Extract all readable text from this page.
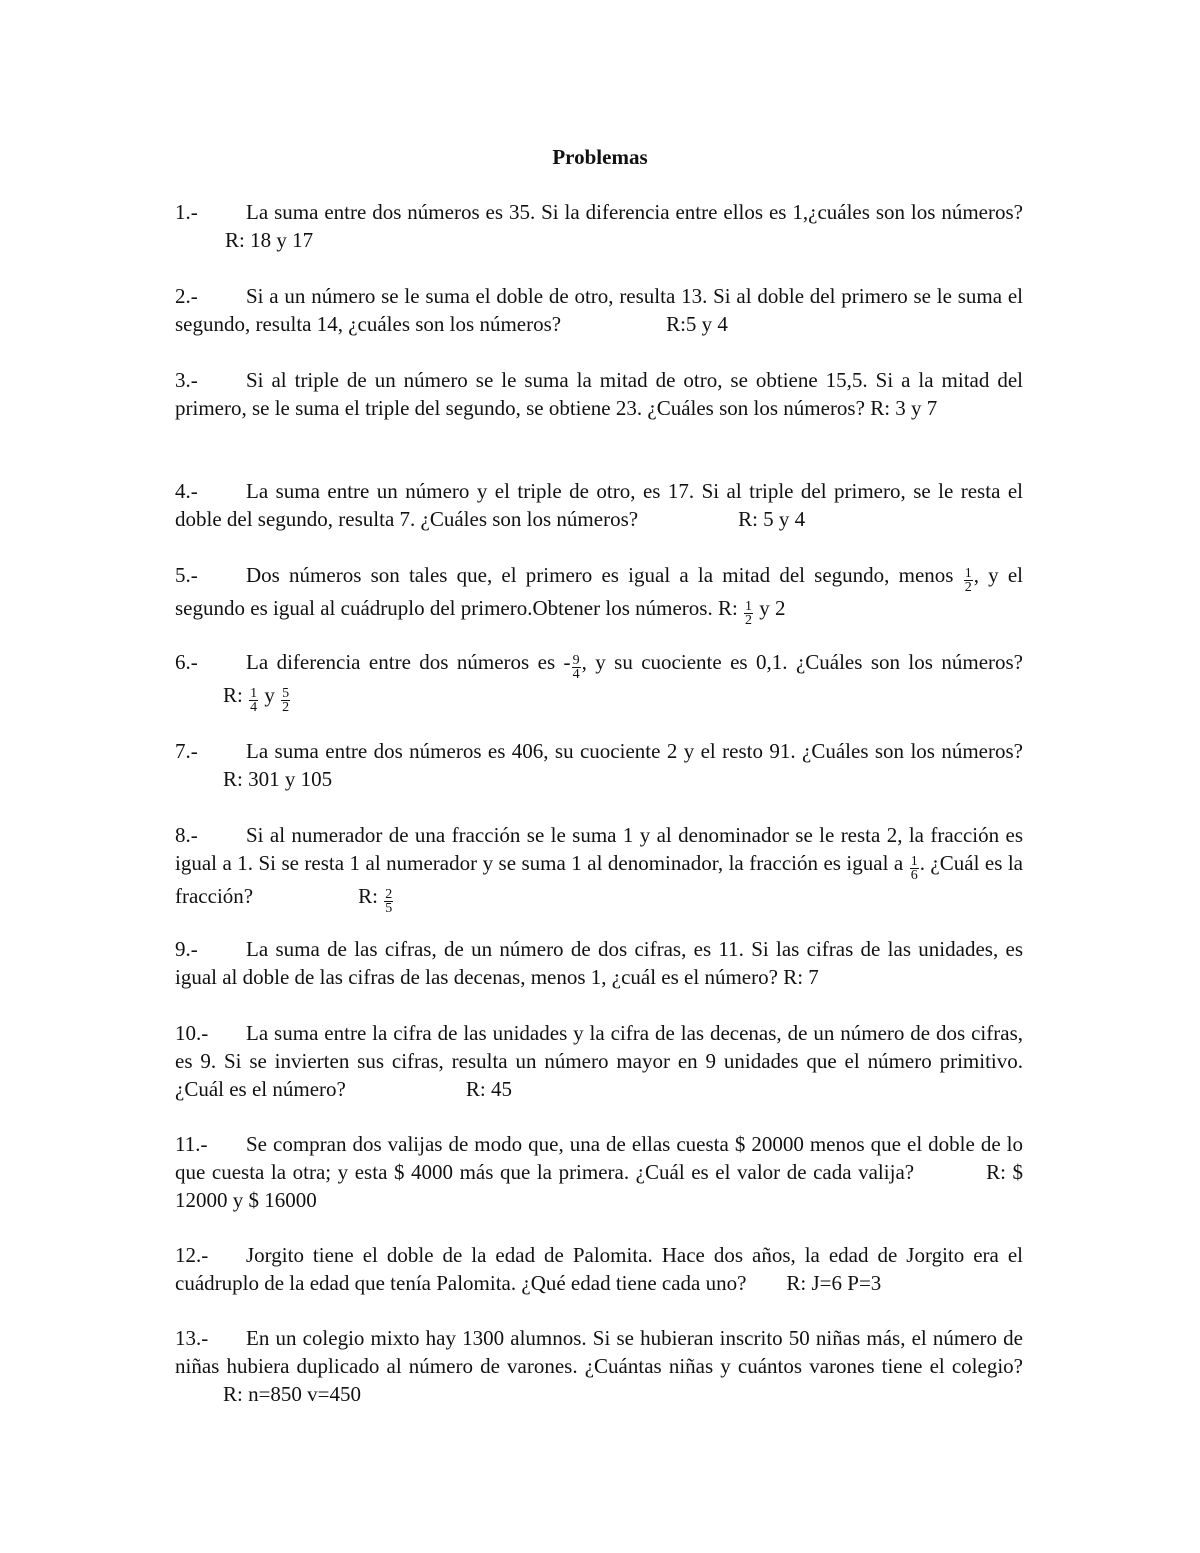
Problemas
1.- La suma entre dos números es 35. Si la diferencia entre ellos es 1,¿cuáles son los números?R: 18 y 17
2.- Si a un número se le suma el doble de otro, resulta 13. Si al doble del primero se le suma el segundo, resulta 14, ¿cuáles son los números?	R:5 y 4
3.- Si al triple de un número se le suma la mitad de otro, se obtiene 15,5. Si a la mitad del primero, se le suma el triple del segundo, se obtiene 23. ¿Cuáles son los números? R: 3 y 7
4.- La suma entre un número y el triple de otro, es 17. Si al triple del primero, se le resta el doble del segundo, resulta 7. ¿Cuáles son los números?	R: 5 y 4
5.- Dos números son tales que, el primero es igual a la mitad del segundo, menos $\frac{1}{2}$ , y el segundo es igual al cuádruplo del primero.Obtener los números. R: $\frac{1}{2}$ y 2
6.- La diferencia entre dos números es - $\frac{9}{4}$ , y su cuociente es 0,1. ¿Cuáles son los números?R: $\frac{1}{4}$ y $\frac{5}{2}$
7.- La suma entre dos números es 406, su cuociente 2 y el resto 91. ¿Cuáles son los números?R: 301 y 105
8.- Si al numerador de una fracción se le suma 1 y al denominador se le resta 2, la fracción es igual a 1. Si se resta 1 al numerador y se suma 1 al denominador, la fracción es igual a $\frac{1}{6}$ . ¿Cuál es la fracción?	R: $\frac{2}{5}$
9.- La suma de las cifras, de un número de dos cifras, es 11. Si las cifras de las unidades, es igual al doble de las cifras de las decenas, menos 1, ¿cuál es el número? R: 7
10.- La suma entre la cifra de las unidades y la cifra de las decenas, de un número de dos cifras, es 9. Si se invierten sus cifras, resulta un número mayor en 9 unidades que el número primitivo. ¿Cuál es el número?	R: 45
11.- Se compran dos valijas de modo que, una de ellas cuesta $ 20000 menos que el doble de lo que cuesta la otra; y esta $ 4000 más que la primera. ¿Cuál es el valor de cada valija?	R: $ 12000 y $ 16000
12.- Jorgito tiene el doble de la edad de Palomita. Hace dos años, la edad de Jorgito era el cuádruplo de la edad que tenía Palomita. ¿Qué edad tiene cada uno? R: J=6 P=3
13.- En un colegio mixto hay 1300 alumnos. Si se hubieran inscrito 50 niñas más, el número de niñas hubiera duplicado al número de varones. ¿Cuántas niñas y cuántos varones tiene el colegio?R: n=850 v=450
